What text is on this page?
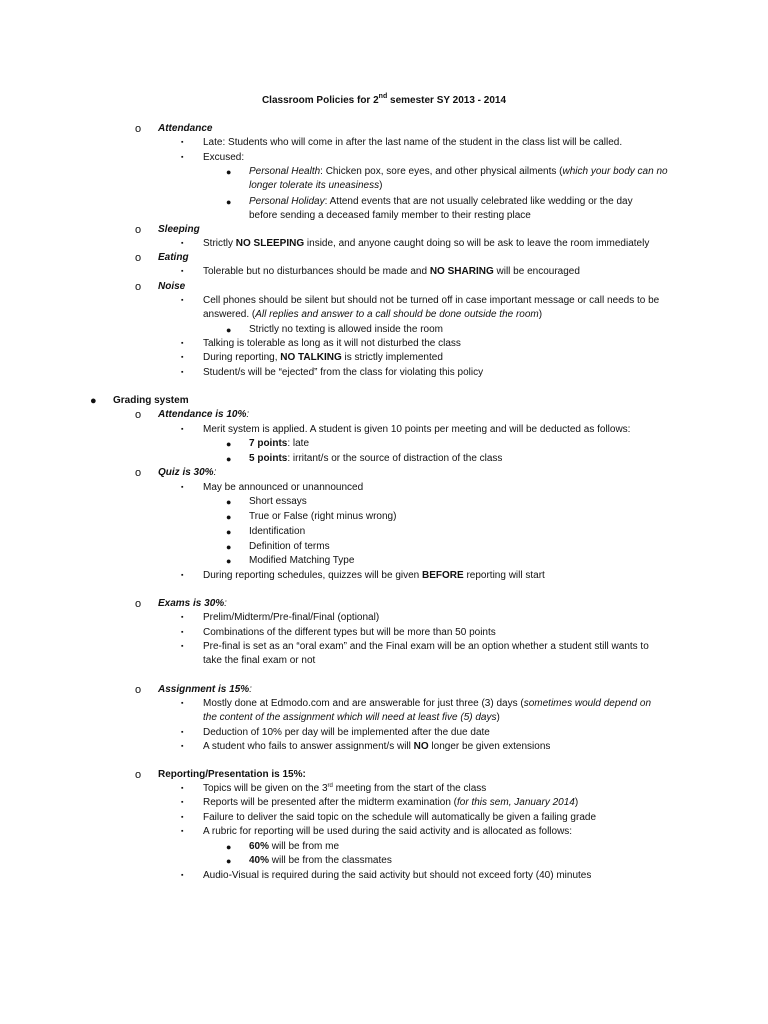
Classroom Policies for 2nd semester SY 2013 - 2014
o Attendance
▪ Late: Students who will come in after the last name of the student in the class list will be called.
▪ Excused:
● Personal Health: Chicken pox, sore eyes, and other physical ailments (which your body can no
longer tolerate its uneasiness)
● Personal Holiday: Attend events that are not usually celebrated like wedding or the day
before sending a deceased family member to their resting place
o Sleeping
▪ Strictly NO SLEEPING inside, and anyone caught doing so will be ask to leave the room immediately
o Eating
▪ Tolerable but no disturbances should be made and NO SHARING will be encouraged
o Noise
▪ Cell phones should be silent but should not be turned off in case important message or call needs to be
answered. (All replies and answer to a call should be done outside the room)
● Strictly no texting is allowed inside the room
▪ Talking is tolerable as long as it will not disturbed the class
▪ During reporting, NO TALKING is strictly implemented
▪ Student/s will be “ejected” from the class for violating this policy
● Grading system
o Attendance is 10%:
▪ Merit system is applied. A student is given 10 points per meeting and will be deducted as follows:
● 7 points: late
● 5 points: irritant/s or the source of distraction of the class
o Quiz is 30%:
▪ May be announced or unannounced
● Short essays
● True or False (right minus wrong)
● Identification
● Definition of terms
● Modified Matching Type
▪ During reporting schedules, quizzes will be given BEFORE reporting will start
o Exams is 30%:
▪ Prelim/Midterm/Pre-final/Final (optional)
▪ Combinations of the different types but will be more than 50 points
▪ Pre-final is set as an “oral exam” and the Final exam will be an option whether a student still wants to
take the final exam or not
o Assignment is 15%:
▪ Mostly done at Edmodo.com and are answerable for just three (3) days (sometimes would depend on
the content of the assignment which will need at least five (5) days)
▪ Deduction of 10% per day will be implemented after the due date
▪ A student who fails to answer assignment/s will NO longer be given extensions
o Reporting/Presentation is 15%:
▪ Topics will be given on the 3rd meeting from the start of the class
▪ Reports will be presented after the midterm examination (for this sem, January 2014)
▪ Failure to deliver the said topic on the schedule will automatically be given a failing grade
▪ A rubric for reporting will be used during the said activity and is allocated as follows:
● 60% will be from me
● 40% will be from the classmates
▪ Audio-Visual is required during the said activity but should not exceed forty (40) minutes
